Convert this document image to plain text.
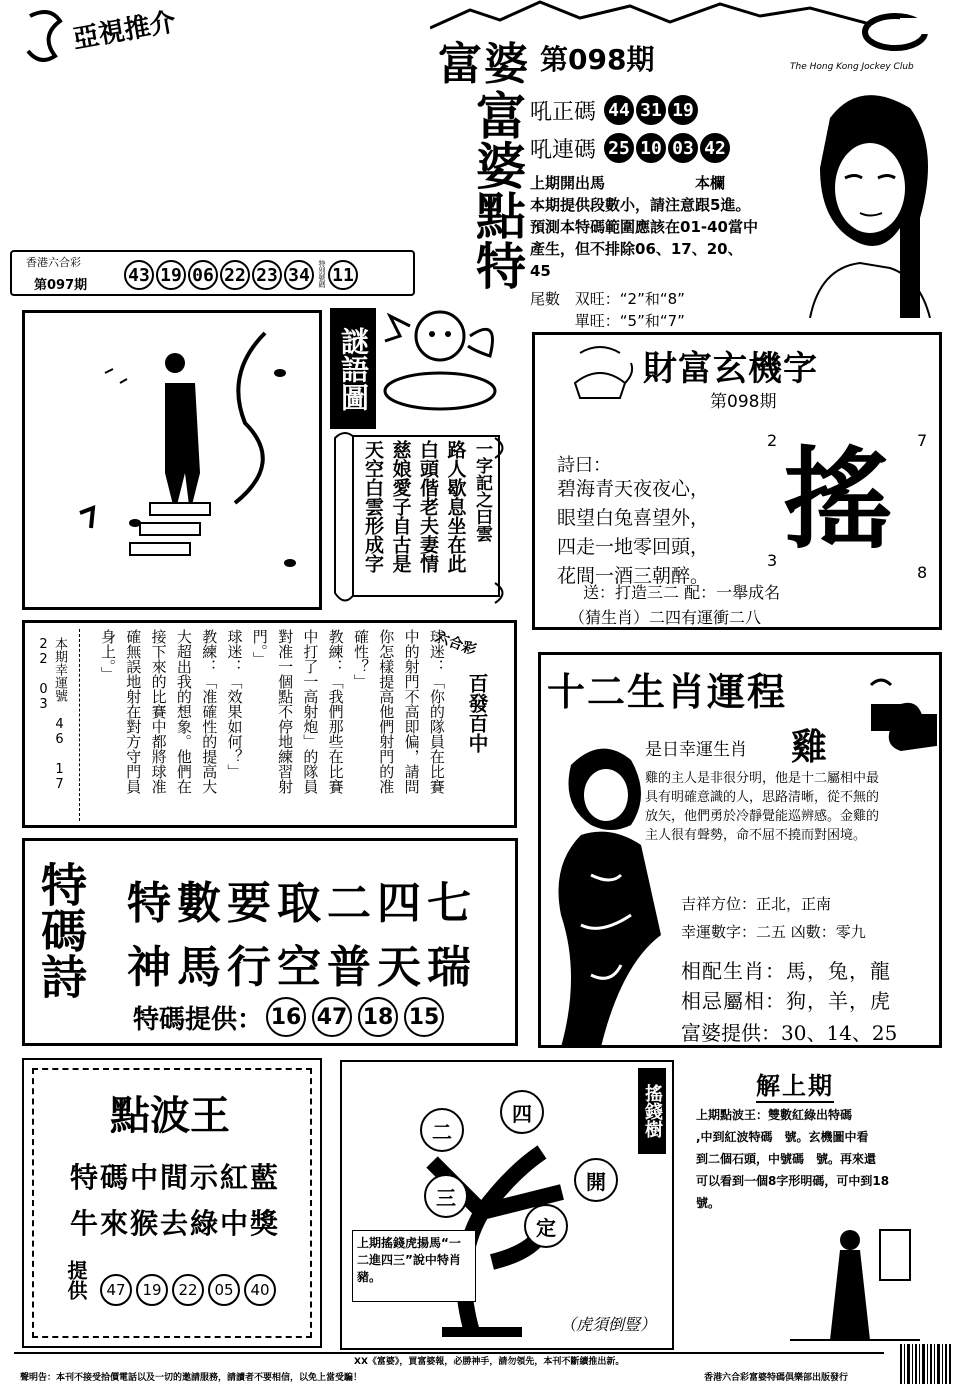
亞視推介
富婆 第098期	The Hong Kong Jockey Club
富婆點特 吼正碼 44 31 19
吼連碼 25 10 03 42
上期開出馬　　　　　　本欄
本期提供段數小，請注意跟5進。
預測本特碼範圍應該在01-40當中
產生，但不排除06、17、20、
45
尾數 双旺：“2”和“8”
單旺：“5”和“7”
香港六合彩
第097期 43 19 06 22 23 34	特別號碼 11
謎語圖
一字記之曰雲
路人歇息坐在此
白頭偕老夫妻情
慈娘愛子自古是
天空白雲形成字
財富玄機字
第098期
詩曰：
碧海青天夜夜心，
眼望白兔喜望外，
四走一地零回頭，
花間一酒三朝醉。
2	7
3
8
搖
送：打造三二 配：一舉成名
（猜生肖）二四有運衝二八
六合彩
百發百中
球迷：「你的隊員在比賽
中的射門不高即偏，請問
你怎樣提高他們射門的准
確性？」
教練：「我們那些在比賽
中打了一高射炮」的隊員
對准一個點不停地練習射
門。」
球迷：「效果如何？」
教練：「准確性的提高大
大超出我的想象。他們在
接下來的比賽中都將球准
確無誤地射在對方守門員
身上。」
本期幸運號 46 17 22 03	十二生肖運程
是日幸運生肖 雞
雞的主人是非很分明，他是十二屬相中最
具有明確意識的人，思路清晰，從不無的
放矢，他們勇於冷靜覺能巡辨感。金雞的
主人很有聲勢，命不屈不撓而對困境。
吉祥方位：正北，正南
幸運數字：二五 凶數：零九
相配生肖：馬，兔，龍
相忌屬相：狗，羊，虎
富婆提供：30、14、25
特碼詩 特數要取二四七
神馬行空普天瑞
特碼提供： 16 47 18 15
點波王
特碼中間示紅藍
牛來猴去綠中獎
提供	47	19	22	05	40
搖錢樹
二
四
開
三
定
上期搖錢虎揚馬“一二進四三”說中特肖豬。
（虎須倒豎）
解上期
上期點波王：雙數紅綠出特碼
,中到紅波特碼　號。玄機圖中看
到二個石頭，中號碼　號。再來還
可以看到一個8字形明碼，可中到18
號。
XX《富婆》，買富婆報，必勝神手，請勿領先，本刊不斷續推出新。
聲明告：本刊不接受拾價電話以及一切的邀請服務，請讀者不要相信，以免上當受騙！	香港六合彩富婆特碼俱樂部出版發行
